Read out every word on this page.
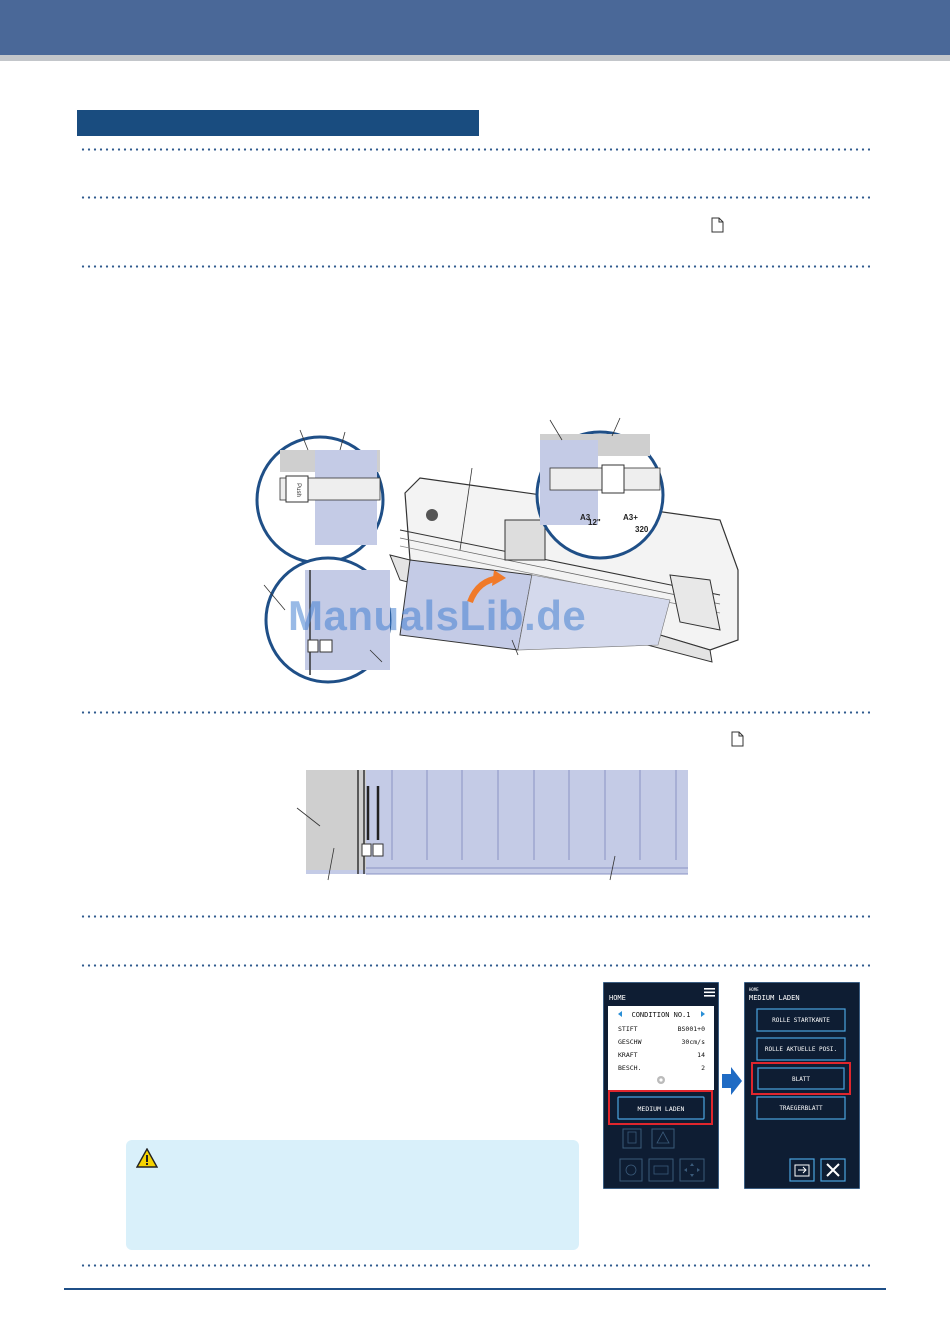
Push
A3
12"
A3+
320
ManualsLib.de
HOME
CONDITION NO.1
STIFT	BS001+0
GESCHW	30cm/s
KRAFT	14
BESCH.	2
MEDIUM LADEN
HOME
MEDIUM LADEN
ROLLE STARTKANTE
ROLLE AKTUELLE POSI.
BLATT
TRAEGERBLATT
